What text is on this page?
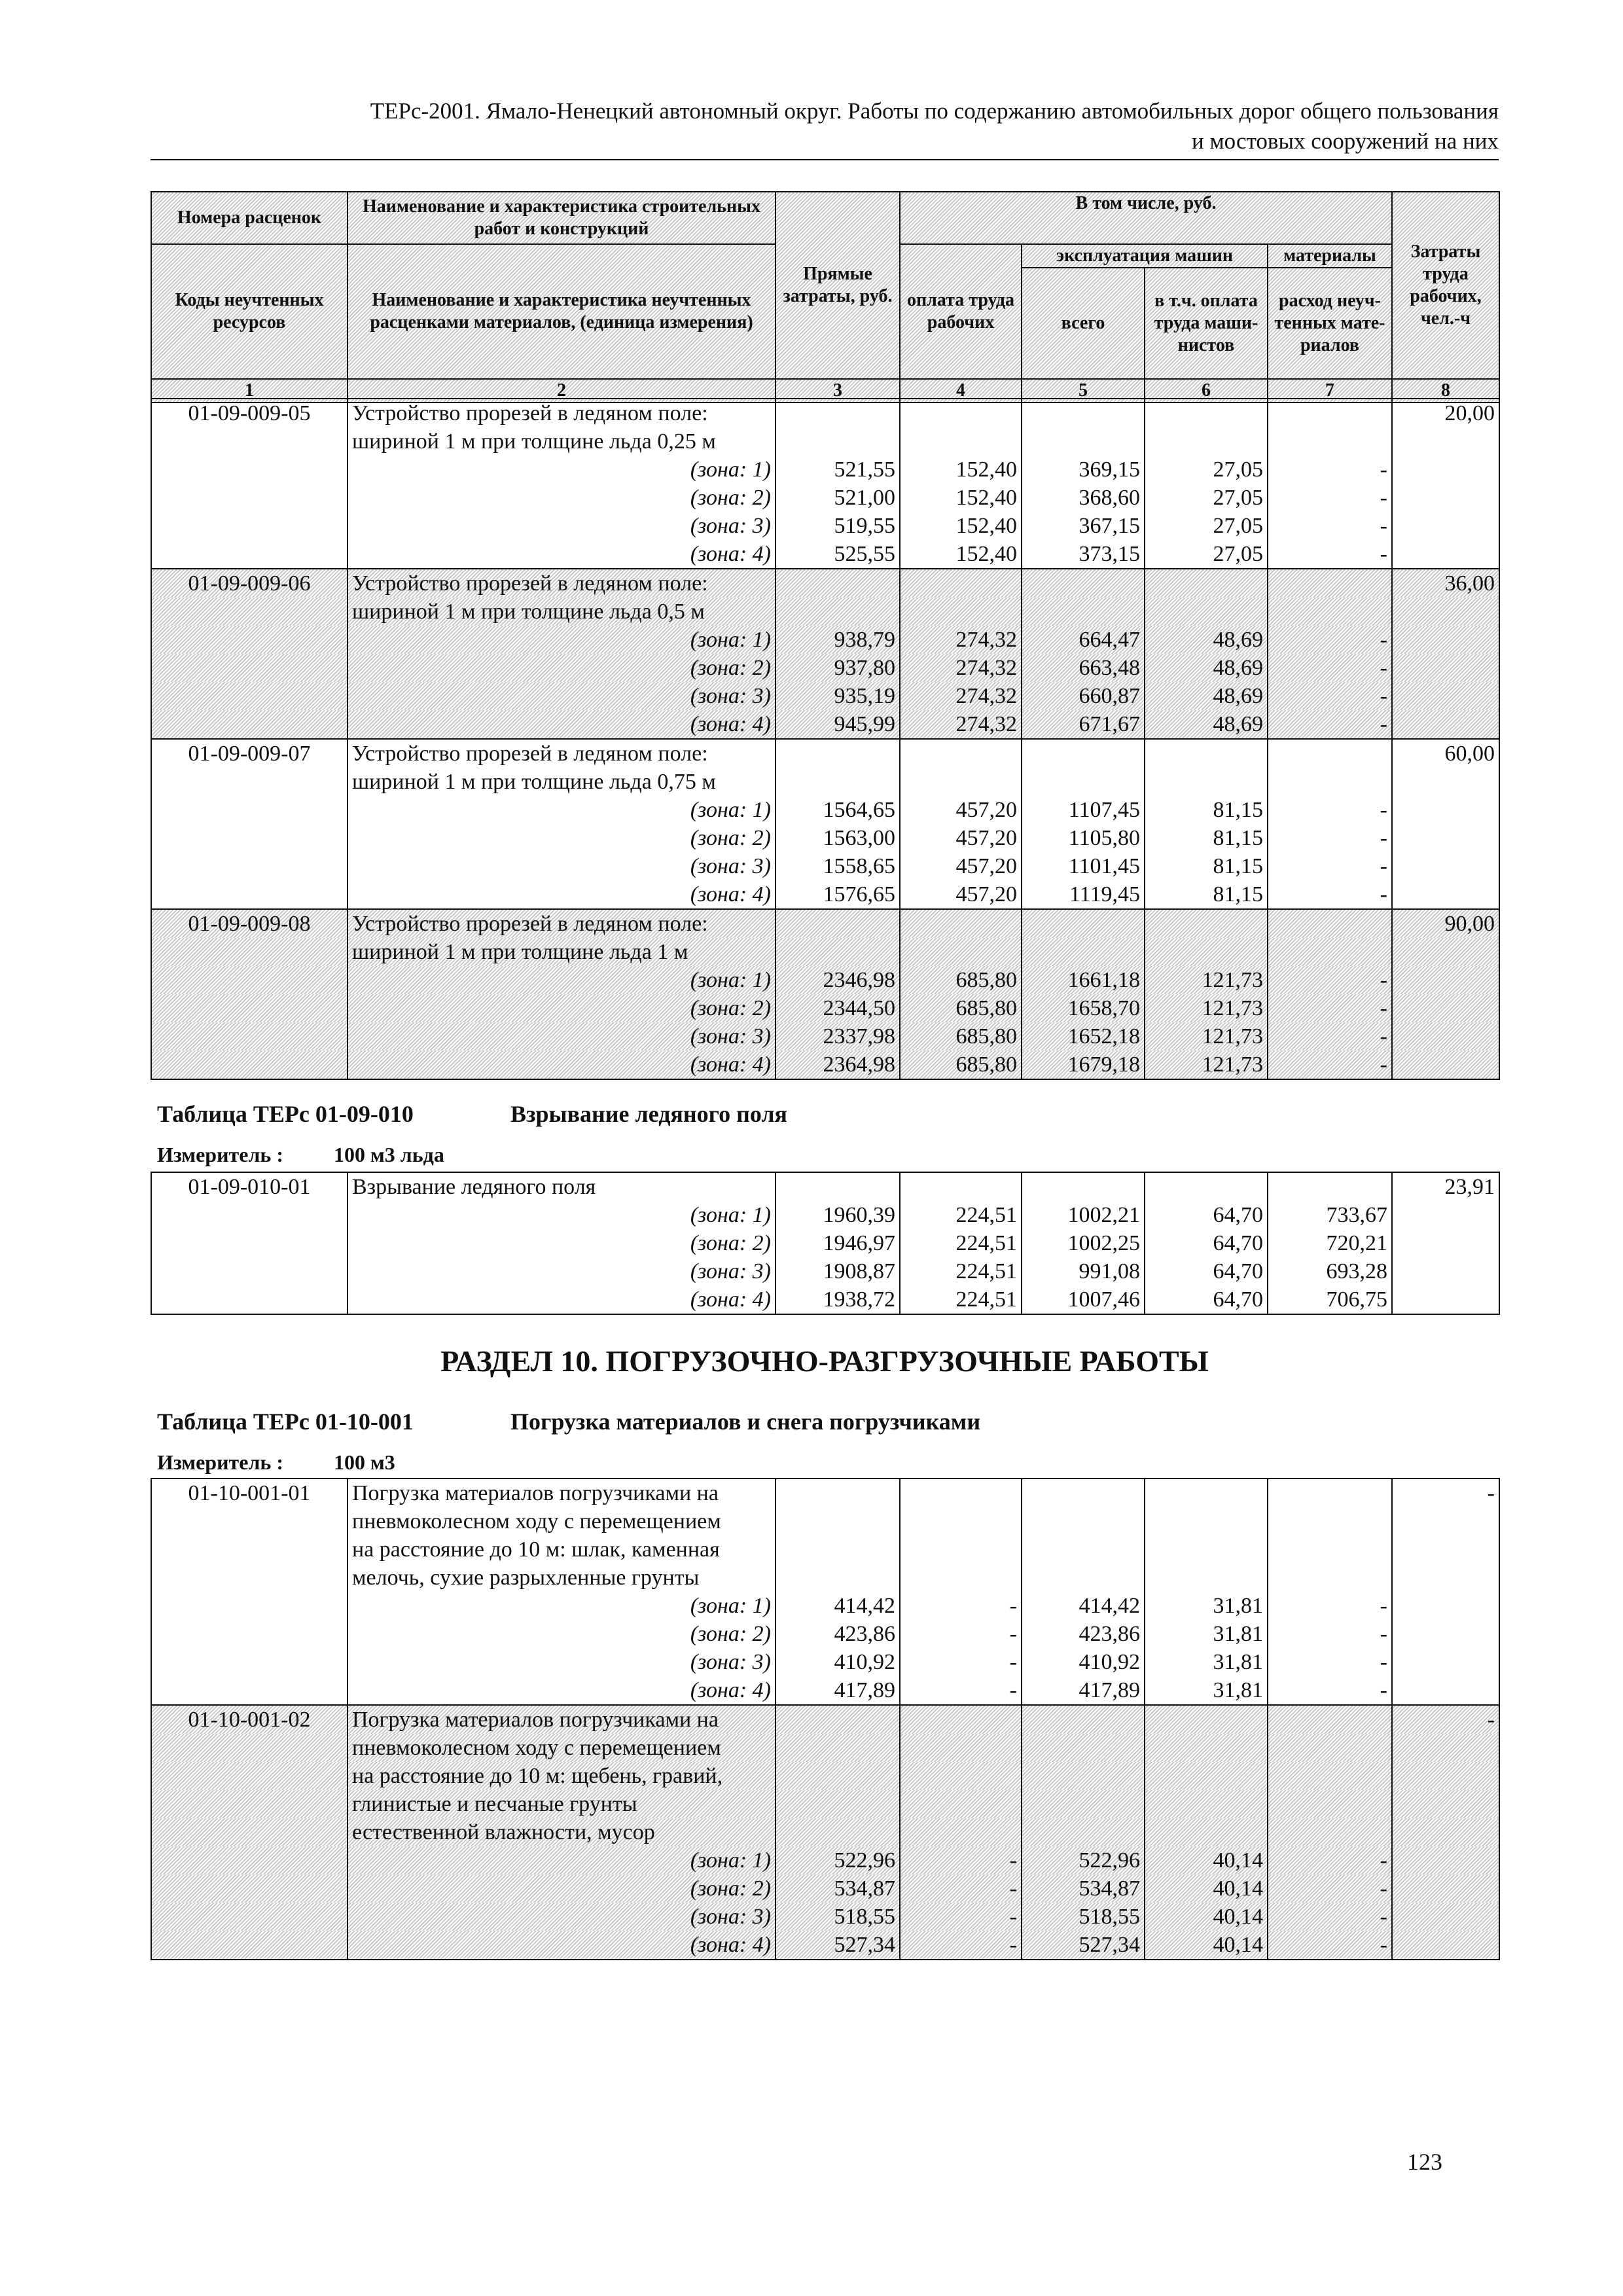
ТЕРс-2001. Ямало-Ненецкий автономный округ. Работы по содержанию автомобильных дорог общего пользования
и мостовых сооружений на них
Номера расценок	Наименование и характеристика строительных работ и конструкций	Прямые затраты, руб.	В том числе, руб.				Затраты труда рабочих, чел.-ч
Коды неучтенных ресурсов	Наименование и характеристика неучтенных расценками материалов, (единица измерения)		оплата труда рабочих	эксплуатация машин		материалы	
				всего	в т.ч. оплата труда маши-нистов	расход неуч-тенных мате-риалов	
1	2	3	4	5	6	7	8
01-09-009-05	Устройство прорезей в ледяном поле:						20,00
	шириной 1 м при толщине льда 0,25 м						
	(зона: 1)	521,55	152,40	369,15	27,05	-	
	(зона: 2)	521,00	152,40	368,60	27,05	-	
	(зона: 3)	519,55	152,40	367,15	27,05	-	
	(зона: 4)	525,55	152,40	373,15	27,05	-	
01-09-009-06	Устройство прорезей в ледяном поле:						36,00
	шириной 1 м при толщине льда 0,5 м						
	(зона: 1)	938,79	274,32	664,47	48,69	-	
	(зона: 2)	937,80	274,32	663,48	48,69	-	
	(зона: 3)	935,19	274,32	660,87	48,69	-	
	(зона: 4)	945,99	274,32	671,67	48,69	-	
01-09-009-07	Устройство прорезей в ледяном поле:						60,00
	шириной 1 м при толщине льда 0,75 м						
	(зона: 1)	1564,65	457,20	1107,45	81,15	-	
	(зона: 2)	1563,00	457,20	1105,80	81,15	-	
	(зона: 3)	1558,65	457,20	1101,45	81,15	-	
	(зона: 4)	1576,65	457,20	1119,45	81,15	-	
01-09-009-08	Устройство прорезей в ледяном поле:						90,00
	шириной 1 м при толщине льда 1 м						
	(зона: 1)	2346,98	685,80	1661,18	121,73	-	
	(зона: 2)	2344,50	685,80	1658,70	121,73	-	
	(зона: 3)	2337,98	685,80	1652,18	121,73	-	
	(зона: 4)	2364,98	685,80	1679,18	121,73	-	
Таблица ТЕРс 01-09-010	Взрывание ледяного поля
Измеритель : 100 м3 льда
01-09-010-01	Взрывание ледяного поля						23,91
	(зона: 1)	1960,39	224,51	1002,21	64,70	733,67	
	(зона: 2)	1946,97	224,51	1002,25	64,70	720,21	
	(зона: 3)	1908,87	224,51	991,08	64,70	693,28	
	(зона: 4)	1938,72	224,51	1007,46	64,70	706,75	
РАЗДЕЛ 10. ПОГРУЗОЧНО-РАЗГРУЗОЧНЫЕ РАБОТЫ
Таблица ТЕРс 01-10-001	Погрузка материалов и снега погрузчиками
Измеритель : 100 м3
01-10-001-01	Погрузка материалов погрузчиками на						-
	пневмоколесном ходу с перемещением						
	на расстояние до 10 м: шлак, каменная						
	мелочь, сухие разрыхленные грунты						
	(зона: 1)	414,42	-	414,42	31,81	-	
	(зона: 2)	423,86	-	423,86	31,81	-	
	(зона: 3)	410,92	-	410,92	31,81	-	
	(зона: 4)	417,89	-	417,89	31,81	-	
01-10-001-02	Погрузка материалов погрузчиками на						-
	пневмоколесном ходу с перемещением						
	на расстояние до 10 м: щебень, гравий,						
	глинистые и песчаные грунты						
	естественной влажности, мусор						
	(зона: 1)	522,96	-	522,96	40,14	-	
	(зона: 2)	534,87	-	534,87	40,14	-	
	(зона: 3)	518,55	-	518,55	40,14	-	
	(зона: 4)	527,34	-	527,34	40,14	-	
123
